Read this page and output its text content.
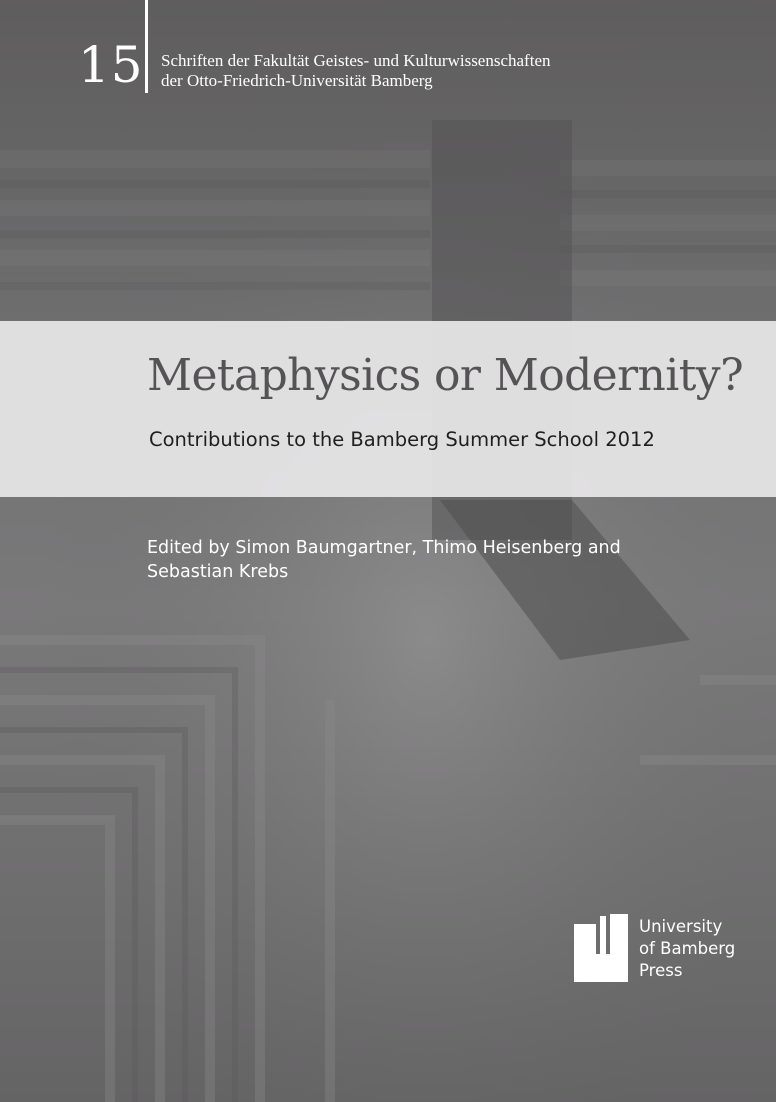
15 Schriften der Fakultät Geistes- und Kulturwissenschaften
der Otto-Friedrich-Universität Bamberg
Metaphysics or Modernity?
Contributions to the Bamberg Summer School 2012
Edited by Simon Baumgartner, Thimo Heisenberg and
Sebastian Krebs
University
of Bamberg
Press
